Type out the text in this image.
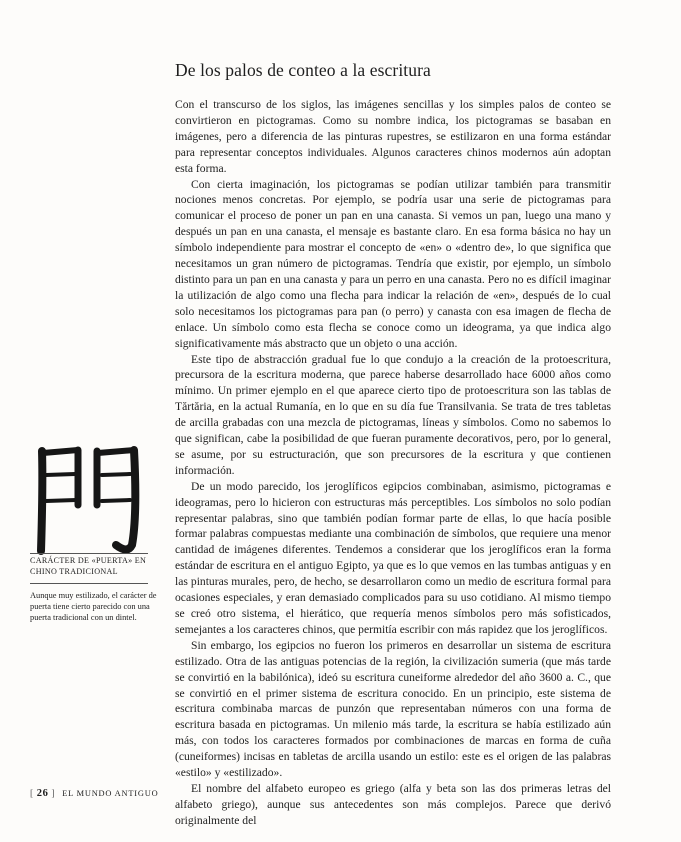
De los palos de conteo a la escritura

Con el transcurso de los siglos, las imágenes sencillas y los simples palos de conteo se convirtieron en pictogramas. Como su nombre indica, los pictogramas se basaban en imágenes, pero a diferencia de las pinturas rupestres, se estilizaron en una forma estándar para representar conceptos individuales. Algunos caracteres chinos modernos aún adoptan esta forma.

Con cierta imaginación, los pictogramas se podían utilizar también para transmitir nociones menos concretas. Por ejemplo, se podría usar una serie de pictogramas para comunicar el proceso de poner un pan en una canasta. Si vemos un pan, luego una mano y después un pan en una canasta, el mensaje es bastante claro. En esa forma básica no hay un símbolo independiente para mostrar el concepto de «en» o «dentro de», lo que significa que necesitamos un gran número de pictogramas. Tendría que existir, por ejemplo, un símbolo distinto para un pan en una canasta y para un perro en una canasta. Pero no es difícil imaginar la utilización de algo como una flecha para indicar la relación de «en», después de lo cual solo necesitamos los pictogramas para pan (o perro) y canasta con esa imagen de flecha de enlace. Un símbolo como esta flecha se conoce como un ideograma, ya que indica algo significativamente más abstracto que un objeto o una acción.

Este tipo de abstracción gradual fue lo que condujo a la creación de la protoescritura, precursora de la escritura moderna, que parece haberse desarrollado hace 6000 años como mínimo. Un primer ejemplo en el que aparece cierto tipo de protoescritura son las tablas de Tărtăria, en la actual Rumanía, en lo que en su día fue Transilvania. Se trata de tres tabletas de arcilla grabadas con una mezcla de pictogramas, líneas y símbolos. Como no sabemos lo que significan, cabe la posibilidad de que fueran puramente decorativos, pero, por lo general, se asume, por su estructuración, que son precursores de la escritura y que contienen información.

De un modo parecido, los jeroglíficos egipcios combinaban, asimismo, pictogramas e ideogramas, pero lo hicieron con estructuras más perceptibles. Los símbolos no solo podían representar palabras, sino que también podían formar parte de ellas, lo que hacía posible formar palabras compuestas mediante una combinación de símbolos, que requiere una menor cantidad de imágenes diferentes. Tendemos a considerar que los jeroglíficos eran la forma estándar de escritura en el antiguo Egipto, ya que es lo que vemos en las tumbas antiguas y en las pinturas murales, pero, de hecho, se desarrollaron como un medio de escritura formal para ocasiones especiales, y eran demasiado complicados para su uso cotidiano. Al mismo tiempo se creó otro sistema, el hierático, que requería menos símbolos pero más sofisticados, semejantes a los caracteres chinos, que permitía escribir con más rapidez que los jeroglíficos.

Sin embargo, los egipcios no fueron los primeros en desarrollar un sistema de escritura estilizado. Otra de las antiguas potencias de la región, la civilización sumeria (que más tarde se convirtió en la babilónica), ideó su escritura cuneiforme alrededor del año 3600 a. C., que se convirtió en el primer sistema de escritura conocido. En un principio, este sistema de escritura combinaba marcas de punzón que representaban números con una forma de escritura basada en pictogramas. Un milenio más tarde, la escritura se había estilizado aún más, con todos los caracteres formados por combinaciones de marcas en forma de cuña (cuneiformes) incisas en tabletas de arcilla usando un estilo: este es el origen de las palabras «estilo» y «estilizado».

El nombre del alfabeto europeo es griego (alfa y beta son las dos primeras letras del alfabeto griego), aunque sus antecedentes son más complejos. Parece que derivó originalmente del

CARÁCTER DE «PUERTA» EN CHINO TRADICIONAL
Aunque muy estilizado, el carácter de puerta tiene cierto parecido con una puerta tradicional con un dintel.
[ 26 ] EL MUNDO ANTIGUO
